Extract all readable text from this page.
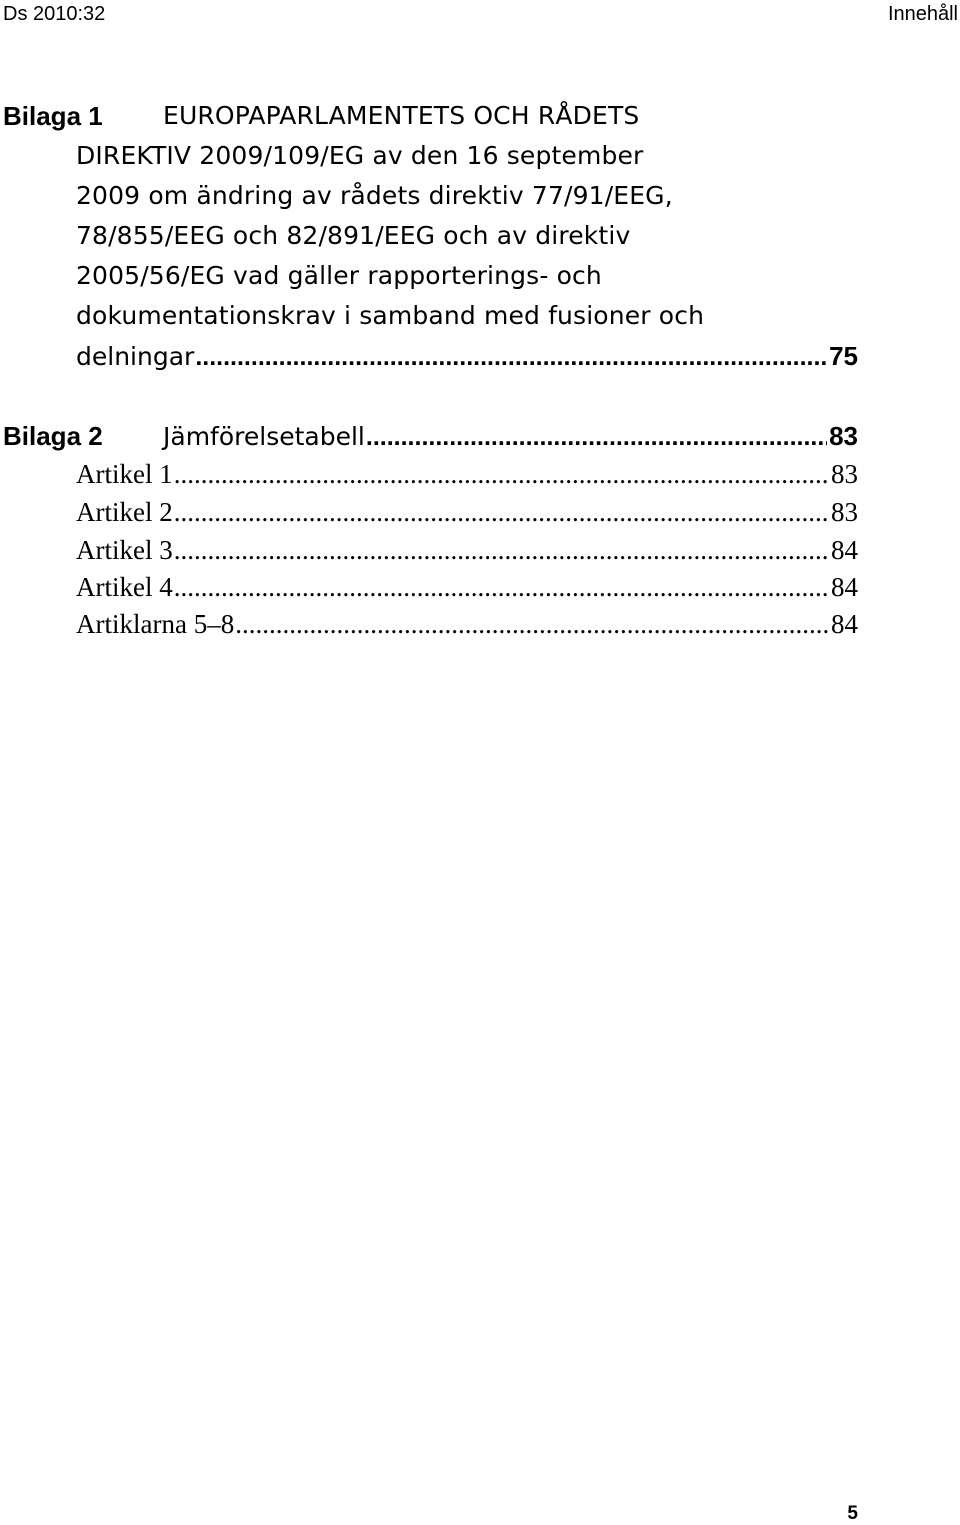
Ds 2010:32	Innehåll
Bilaga 1 EUROPAPARLAMENTETS OCH RÅDETS
DIREKTIV 2009/109/EG av den 16 september
2009 om ändring av rådets direktiv 77/91/EEG,
78/855/EEG och 82/891/EEG och av direktiv
2005/56/EG vad gäller rapporterings- och
dokumentationskrav i samband med fusioner och
delningar .....	75
Bilaga 2 Jämförelsetabell .....	83
Artikel 1 .....	83
Artikel 2 .....	83
Artikel 3 .....	84
Artikel 4 .....	84
Artiklarna 5–8 .....	84
5
